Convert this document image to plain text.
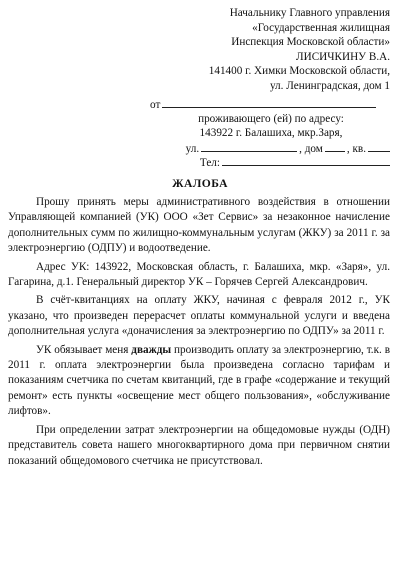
Начальнику Главного управления
«Государственная жилищная
Инспекция Московской области»
ЛИСИЧКИНУ В.А.
141400 г. Химки Московской области,
ул. Ленинградская, дом 1
от
проживающего (ей) по адресу:
143922 г. Балашиха, мкр.Заря,
ул.	, дом , кв.
Тел:
ЖАЛОБА

Прошу принять меры административного воздействия в отношении Управляющей компанией (УК) ООО «Зет Сервис» за незаконное начисление дополнительных сумм по жилищно-коммунальным услугам (ЖКУ) за 2011 г. за электроэнергию (ОДПУ) и водоотведение.

Адрес УК: 143922, Московская область, г. Балашиха, мкр. «Заря», ул. Гагарина, д.1. Генеральный директор УК – Горячев Сергей Александрович.

В счёт-квитанциях на оплату ЖКУ, начиная с февраля 2012 г., УК указано, что произведен перерасчет оплаты коммунальной услуги и введена дополнительная услуга «доначисления за электроэнергию по ОДПУ» за 2011 г.

УК обязывает меня дважды производить оплату за электроэнергию, т.к. в 2011 г. оплата электроэнергии была произведена согласно тарифам и показаниям счетчика по счетам квитанций, где в графе «содержание и текущий ремонт» есть пункты «освещение мест общего пользования», «обслуживание лифтов».

При определении затрат электроэнергии на общедомовые нужды (ОДН) представитель совета нашего многоквартирного дома при первичном снятии показаний общедомового счетчика не присутствовал.
